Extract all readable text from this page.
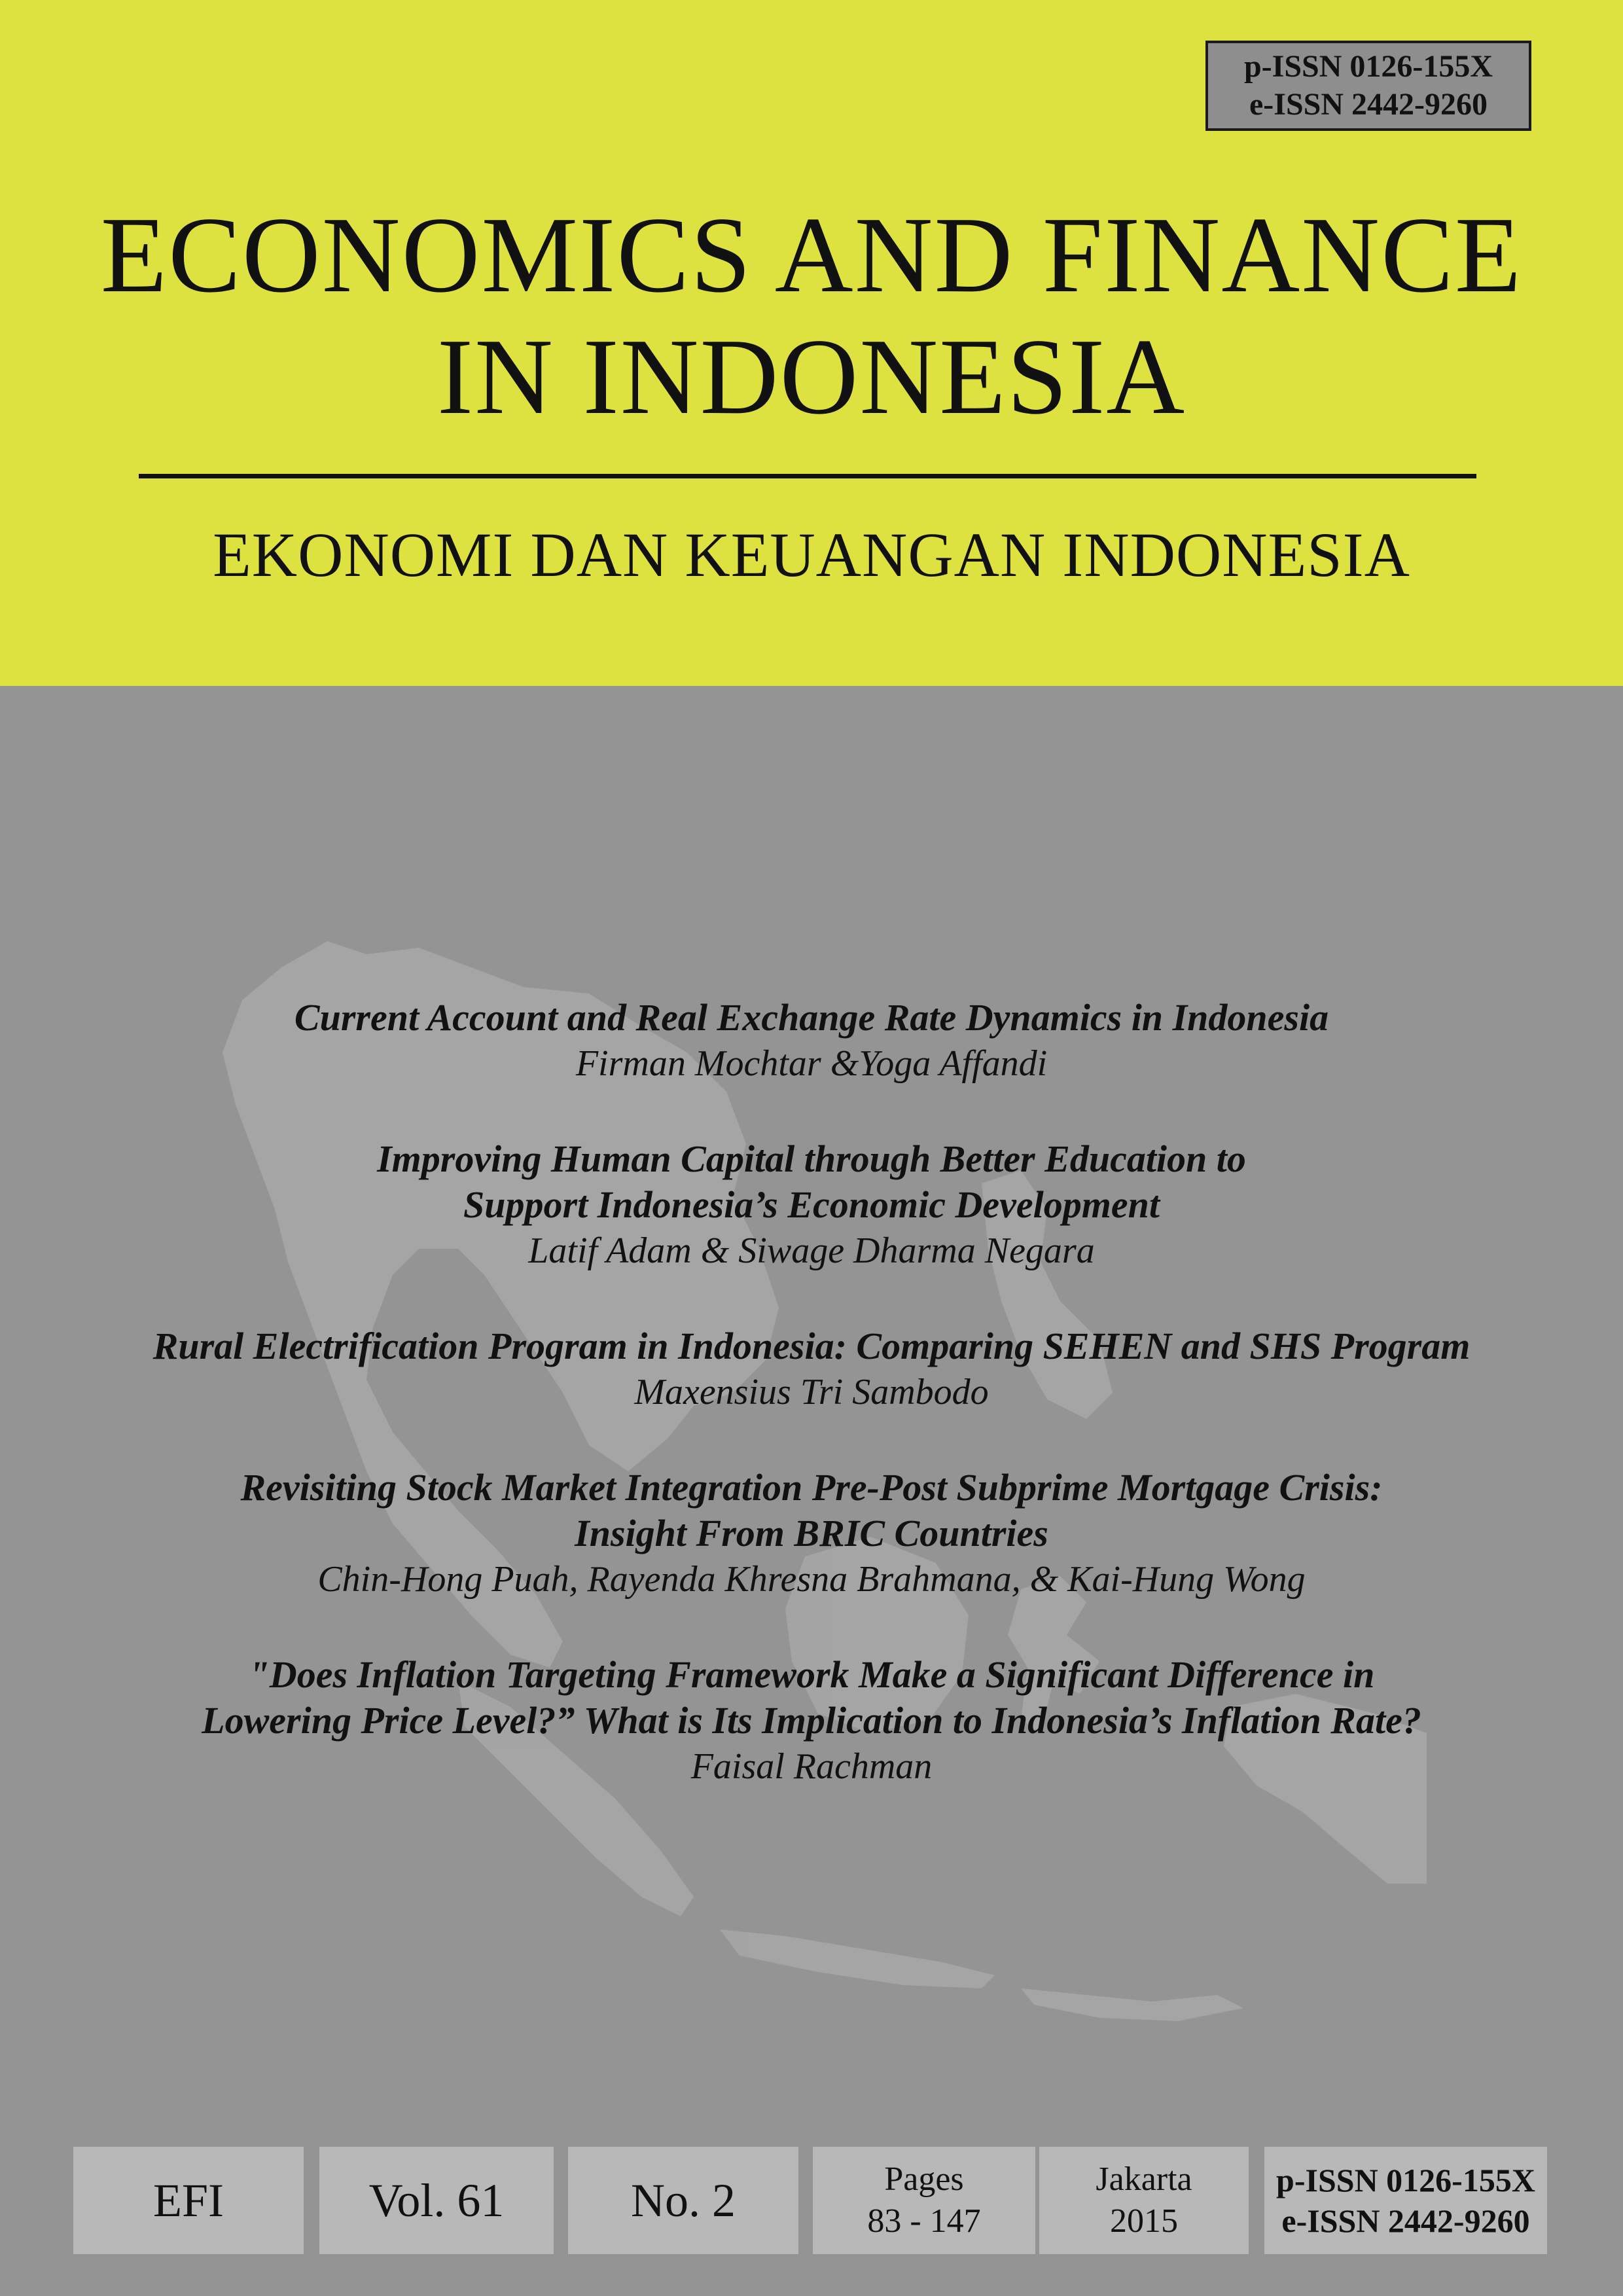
p-ISSN 0126-155X
e-ISSN 2442-9260
ECONOMICS AND FINANCE
IN INDONESIA
EKONOMI DAN KEUANGAN INDONESIA
Current Account and Real Exchange Rate Dynamics in Indonesia
Firman Mochtar &Yoga Affandi
Improving Human Capital through Better Education to
Support Indonesia’s Economic Development
Latif Adam & Siwage Dharma Negara
Rural Electrification Program in Indonesia: Comparing SEHEN and SHS Program
Maxensius Tri Sambodo
Revisiting Stock Market Integration Pre-Post Subprime Mortgage Crisis:
Insight From BRIC Countries
Chin-Hong Puah, Rayenda Khresna Brahmana, & Kai-Hung Wong
"Does Inflation Targeting Framework Make a Significant Difference in
Lowering Price Level?” What is Its Implication to Indonesia’s Inflation Rate?
Faisal Rachman
EFI	Vol. 61	No. 2	Pages
83 - 147
Jakarta
2015
p-ISSN 0126-155X
e-ISSN 2442-9260
